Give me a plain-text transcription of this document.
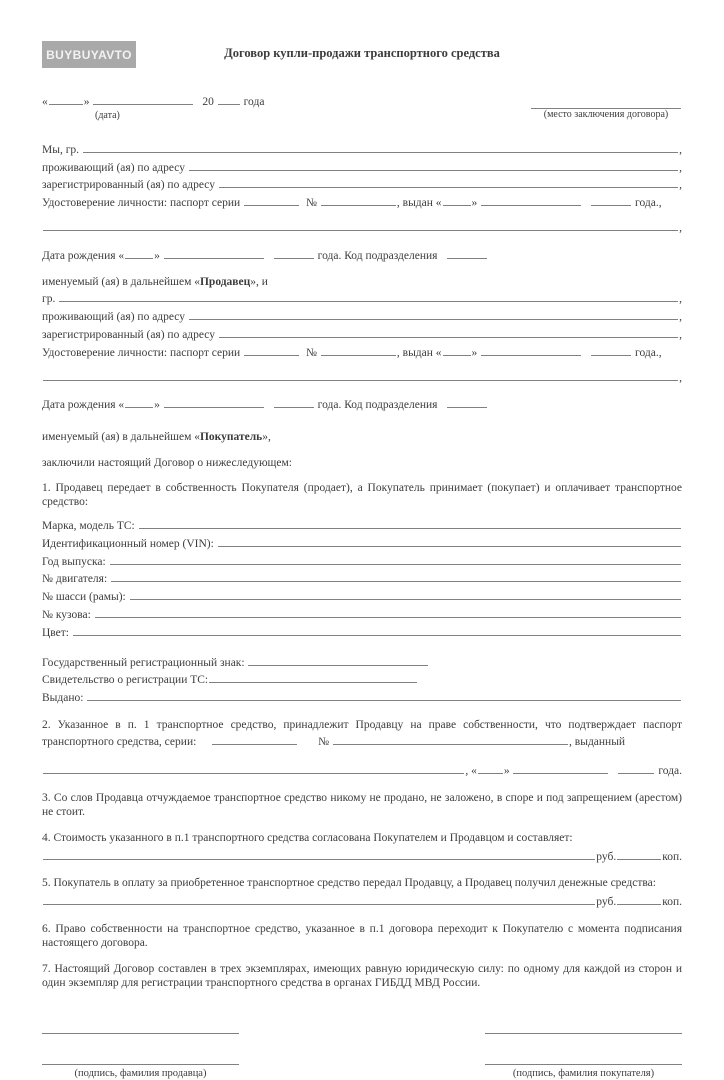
BUYBUYAVTO	Договор купли-продажи транспортного средства
«	»	20 года
(дата)	(место заключения договора)
Мы, гр.	,
проживающий (ая) по адресу	,
зарегистрированный (ая) по адресу	,
Удостоверение личности: паспорт серии	№	, выдан «	»	года.,
,
Дата рождения «	»	года. Код подразделения
именуемый (ая) в дальнейшем « Продавец », и
гр.	,
проживающий (ая) по адресу	,
зарегистрированный (ая) по адресу	,
Удостоверение личности: паспорт серии	№	, выдан «	»	года.,
,
Дата рождения «	»	года. Код подразделения
именуемый (ая) в дальнейшем « Покупатель »,

заключили настоящий Договор о нижеследующем:

1. Продавец передает в собственность Покупателя (продает), а Покупатель принимает (покупает) и оплачивает транспортное средство:

Марка, модель ТС:
Идентификационный номер (VIN):
Год выпуска:
№ двигателя:
№ шасси (рамы):
№ кузова:
Цвет:
Государственный регистрационный знак:
Свидетельство о регистрации ТС:
Выдано:

2. Указанное в п. 1 транспортное средство, принадлежит Продавцу на праве собственности, что подтверждает паспорт

транспортного средства, серии:	№	, выданный
, « »	года.

3. Со слов Продавца отчуждаемое транспортное средство никому не продано, не заложено, в споре и под запрещением (арестом) не стоит.

4. Стоимость указанного в п.1 транспортного средства согласована Покупателем и Продавцом и составляет:

руб.	коп.

5. Покупатель в оплату за приобретенное транспортное средство передал Продавцу, а Продавец получил денежные средства:

руб.	коп.

6. Право собственности на транспортное средство, указанное в п.1 договора переходит к Покупателю с момента подписания настоящего договора.

7. Настоящий Договор составлен в трех экземплярах, имеющих равную юридическую силу: по одному для каждой из сторон и один экземпляр для регистрации транспортного средства в органах ГИБДД МВД России.

(подпись, фамилия продавца)	(подпись, фамилия покупателя)
